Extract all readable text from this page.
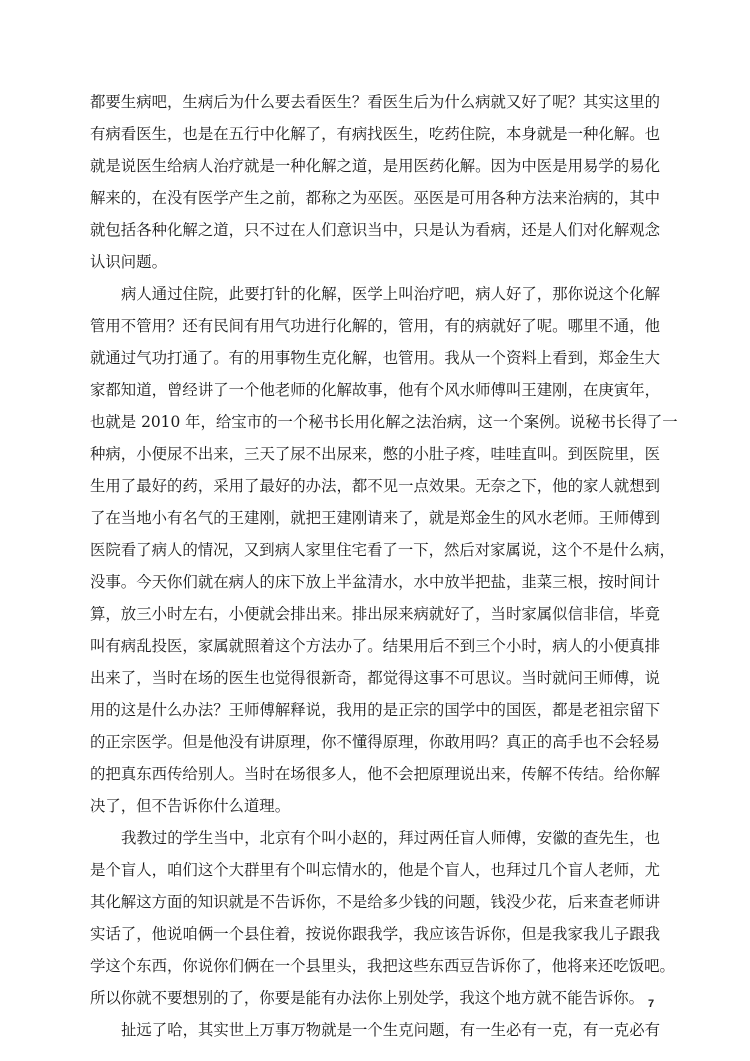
都要生病吧，生病后为什么要去看医生？看医生后为什么病就又好了呢？其实这里的
有病看医生，也是在五行中化解了，有病找医生，吃药住院，本身就是一种化解。也
就是说医生给病人治疗就是一种化解之道，是用医药化解。因为中医是用易学的易化
解来的，在没有医学产生之前，都称之为巫医。巫医是可用各种方法来治病的，其中
就包括各种化解之道，只不过在人们意识当中，只是认为看病，还是人们对化解观念
认识问题。
病人通过住院，此要打针的化解，医学上叫治疗吧，病人好了，那你说这个化解
管用不管用？还有民间有用气功进行化解的，管用，有的病就好了呢。哪里不通，他
就通过气功打通了。有的用事物生克化解，也管用。我从一个资料上看到，郑金生大
家都知道，曾经讲了一个他老师的化解故事，他有个风水师傅叫王建刚，在庚寅年，
也就是 2010 年，给宝市的一个秘书长用化解之法治病，这一个案例。说秘书长得了一
种病，小便尿不出来，三天了尿不出尿来，憋的小肚子疼，哇哇直叫。到医院里，医
生用了最好的药，采用了最好的办法，都不见一点效果。无奈之下，他的家人就想到
了在当地小有名气的王建刚，就把王建刚请来了，就是郑金生的风水老师。王师傅到
医院看了病人的情况，又到病人家里住宅看了一下，然后对家属说，这个不是什么病，
没事。今天你们就在病人的床下放上半盆清水，水中放半把盐，韭菜三根，按时间计
算，放三小时左右，小便就会排出来。排出尿来病就好了，当时家属似信非信，毕竟
叫有病乱投医，家属就照着这个方法办了。结果用后不到三个小时，病人的小便真排
出来了，当时在场的医生也觉得很新奇，都觉得这事不可思议。当时就问王师傅，说
用的这是什么办法？王师傅解释说，我用的是正宗的国学中的国医，都是老祖宗留下
的正宗医学。但是他没有讲原理，你不懂得原理，你敢用吗？真正的高手也不会轻易
的把真东西传给别人。当时在场很多人，他不会把原理说出来，传解不传结。给你解
决了，但不告诉你什么道理。
我教过的学生当中，北京有个叫小赵的，拜过两任盲人师傅，安徽的查先生，也
是个盲人，咱们这个大群里有个叫忘情水的，他是个盲人，也拜过几个盲人老师，尤
其化解这方面的知识就是不告诉你，不是给多少钱的问题，钱没少花，后来查老师讲
实话了，他说咱俩一个县住着，按说你跟我学，我应该告诉你，但是我家我儿子跟我
学这个东西，你说你们俩在一个县里头，我把这些东西豆告诉你了，他将来还吃饭吧。
所以你就不要想别的了，你要是能有办法你上别处学，我这个地方就不能告诉你。
扯远了哈，其实世上万事万物就是一个生克问题，有一生必有一克，有一克必有
7
